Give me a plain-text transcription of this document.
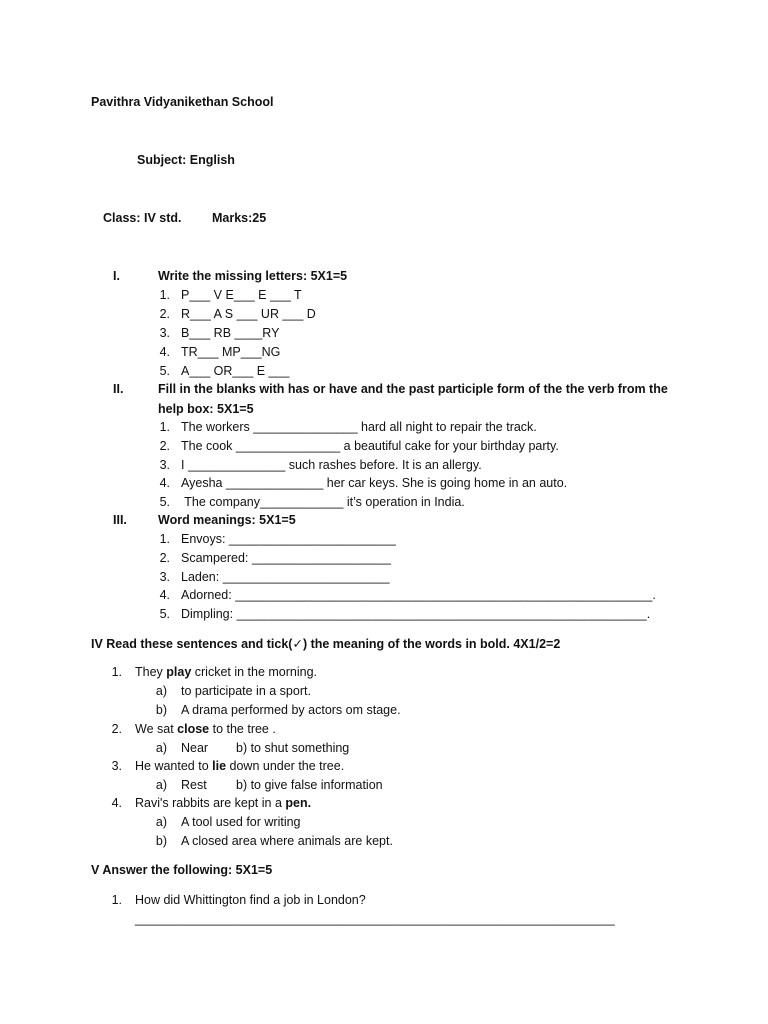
Pavithra Vidyanikethan School
Subject: English
Class: IV std. Marks:25
I.	Write the missing letters: 5X1=5
1. P___ V E___ E ___ T
2. R___ A S ___ UR ___ D
3. B___ RB ____RY
4. TR___ MP___NG
5. A___ OR___ E ___
II.	Fill in the blanks with has or have and the past participle form of the the verb from the
help box: 5X1=5
1. The workers _______________ hard all night to repair the track.
2. The cook _______________ a beautiful cake for your birthday party.
3. I ______________ such rashes before. It is an allergy.
4. Ayesha ______________ her car keys. She is going home in an auto.
5. The company____________ it’s operation in India.
III. Word meanings: 5X1=5
1. Envoys: ________________________
2. Scampered: ____________________
3. Laden: ________________________
4. Adorned: ____________________________________________________________.
5. Dimpling: ___________________________________________________________.
IV Read these sentences and tick(✓) the meaning of the words in bold. 4X1/2=2
1. They play cricket in the morning.
a) to participate in a sport.
b) A drama performed by actors om stage.
2. We sat close to the tree .
a) Near b) to shut something
3. He wanted to lie down under the tree.
a) Rest b) to give false information
4. Ravi's rabbits are kept in a pen.
a) A tool used for writing
b) A closed area where animals are kept.
V Answer the following: 5X1=5
1. How did Whittington find a job in London?
_____________________________________________________________________
